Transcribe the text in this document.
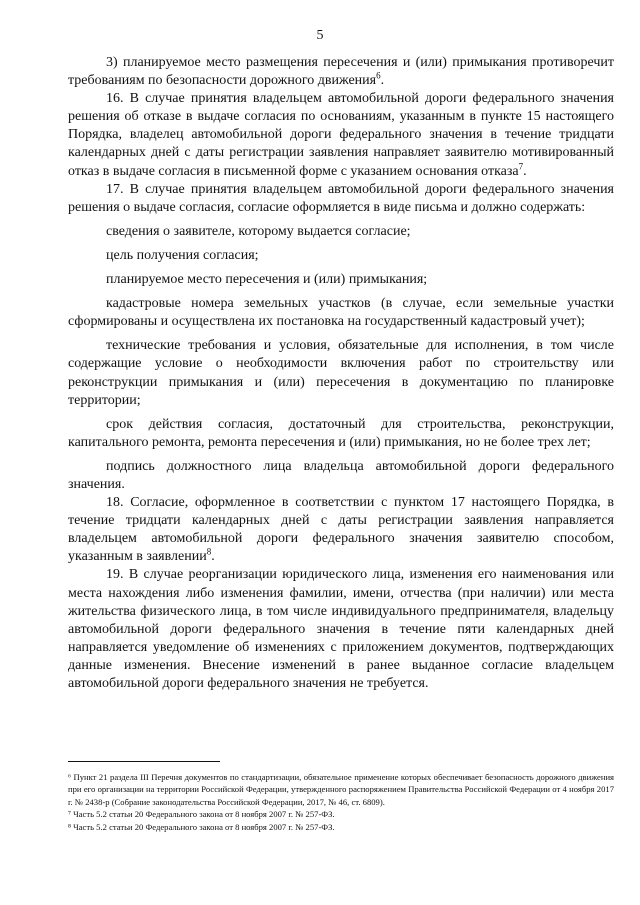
5

3) планируемое место размещения пересечения и (или) примыкания противоречит требованиям по безопасности дорожного движения$^6$.

16. В случае принятия владельцем автомобильной дороги федерального значения решения об отказе в выдаче согласия по основаниям, указанным в пункте 15 настоящего Порядка, владелец автомобильной дороги федерального значения в течение тридцати календарных дней с даты регистрации заявления направляет заявителю мотивированный отказ в выдаче согласия в письменной форме с указанием основания отказа$^7$.

17. В случае принятия владельцем автомобильной дороги федерального значения решения о выдаче согласия, согласие оформляется в виде письма и должно содержать:

сведения о заявителе, которому выдается согласие;

цель получения согласия;

планируемое место пересечения и (или) примыкания;

кадастровые номера земельных участков (в случае, если земельные участки сформированы и осуществлена их постановка на государственный кадастровый учет);

технические требования и условия, обязательные для исполнения, в том числе содержащие условие о необходимости включения работ по строительству или реконструкции примыкания и (или) пересечения в документацию по планировке территории;

срок действия согласия, достаточный для строительства, реконструкции, капитального ремонта, ремонта пересечения и (или) примыкания, но не более трех лет;

подпись должностного лица владельца автомобильной дороги федерального значения.

18. Согласие, оформленное в соответствии с пунктом 17 настоящего Порядка, в течение тридцати календарных дней с даты регистрации заявления направляется владельцем автомобильной дороги федерального значения заявителю способом, указанным в заявлении$^8$.

19. В случае реорганизации юридического лица, изменения его наименования или места нахождения либо изменения фамилии, имени, отчества (при наличии) или места жительства физического лица, в том числе индивидуального предпринимателя, владельцу автомобильной дороги федерального значения в течение пяти календарных дней направляется уведомление об изменениях с приложением документов, подтверждающих данные изменения. Внесение изменений в ранее выданное согласие владельцем автомобильной дороги федерального значения не требуется.

⁶ Пункт 21 раздела III Перечня документов по стандартизации, обязательное применение которых обеспечивает безопасность дорожного движения при его организации на территории Российской Федерации, утвержденного распоряжением Правительства Российской Федерации от 4 ноября 2017 г. № 2438-р (Собрание законодательства Российской Федерации, 2017, № 46, ст. 6809).

⁷ Часть 5.2 статьи 20 Федерального закона от 8 ноября 2007 г. № 257-ФЗ.

⁸ Часть 5.2 статьи 20 Федерального закона от 8 ноября 2007 г. № 257-ФЗ.
